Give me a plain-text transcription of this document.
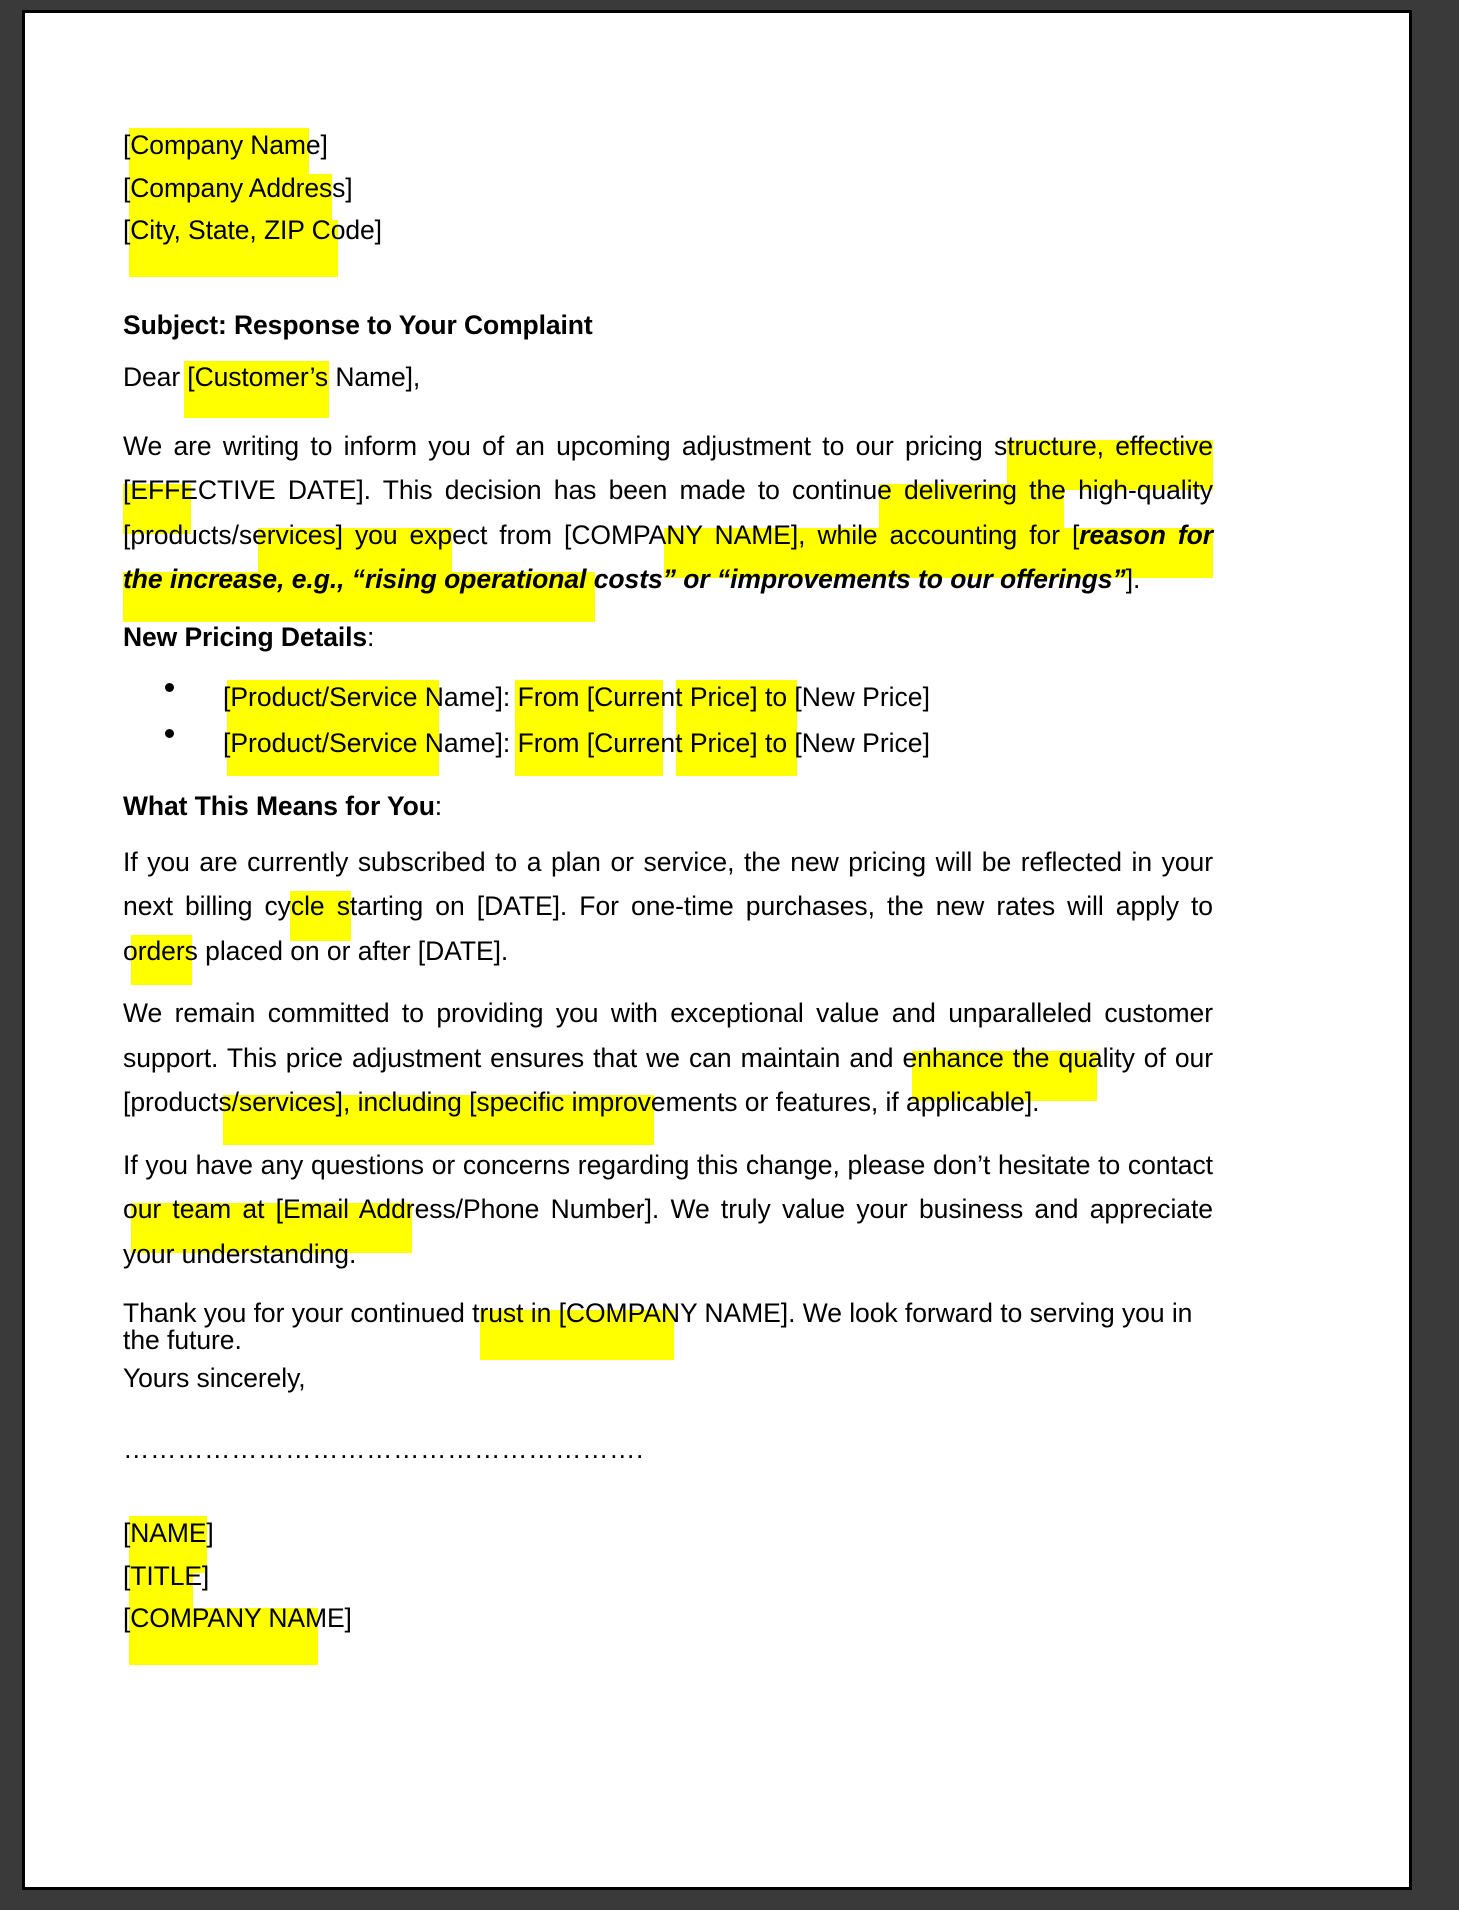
[Company Name]
[Company Address]
[City, State, ZIP Code]
Subject: Response to Your Complaint
Dear [Customer’s Name],
We are writing to inform you of an upcoming adjustment to our pricing structure, effective [EFFECTIVE DATE]. This decision has been made to continue delivering the high-quality [products/services] you expect from [COMPANY NAME], while accounting for [reason for the increase, e.g., “rising operational costs” or “improvements to our offerings”].
New Pricing Details:
[Product/Service Name]: From [Current Price] to [New Price]
[Product/Service Name]: From [Current Price] to [New Price]
What This Means for You:
If you are currently subscribed to a plan or service, the new pricing will be reflected in your next billing cycle starting on [DATE]. For one-time purchases, the new rates will apply to orders placed on or after [DATE].
We remain committed to providing you with exceptional value and unparalleled customer support. This price adjustment ensures that we can maintain and enhance the quality of our [products/services], including [specific improvements or features, if applicable].
If you have any questions or concerns regarding this change, please don’t hesitate to contact our team at [Email Address/Phone Number]. We truly value your business and appreciate your understanding.
Thank you for your continued trust in [COMPANY NAME]. We look forward to serving you in the future.
Yours sincerely,
………………………………………………….
[NAME]
[TITLE]
[COMPANY NAME]
